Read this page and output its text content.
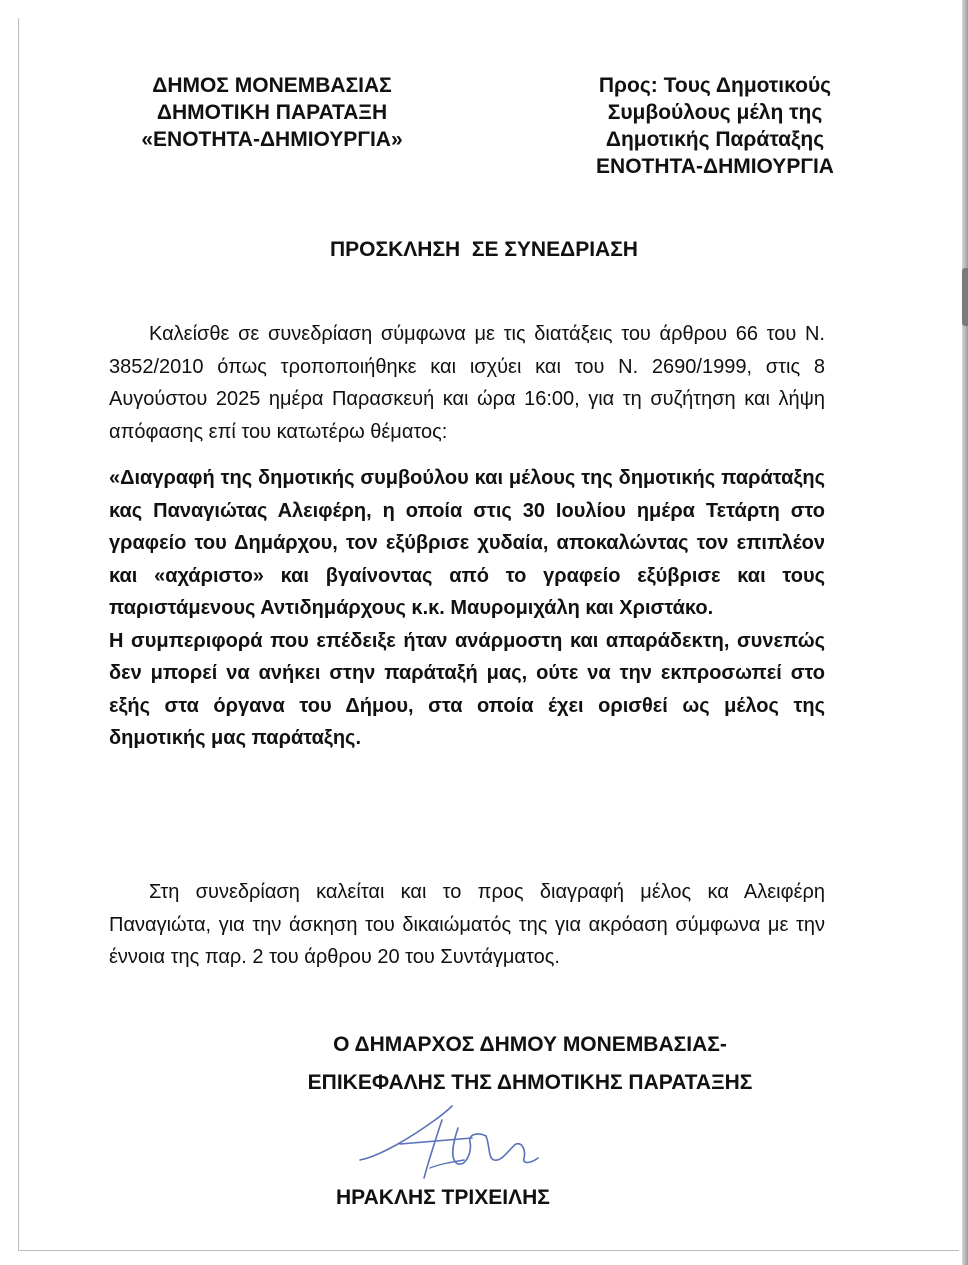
ΔΗΜΟΣ ΜΟΝΕΜΒΑΣΙΑΣ
ΔΗΜΟΤΙΚΗ ΠΑΡΑΤΑΞΗ
«ΕΝΟΤΗΤΑ-ΔΗΜΙΟΥΡΓΙΑ»
Προς: Τους Δημοτικούς
Συμβούλους μέλη της
Δημοτικής Παράταξης
ΕΝΟΤΗΤΑ-ΔΗΜΙΟΥΡΓΙΑ
ΠΡΟΣΚΛΗΣΗ  ΣΕ ΣΥΝΕΔΡΙΑΣΗ
Καλείσθε σε συνεδρίαση σύμφωνα με τις διατάξεις του άρθρου 66 του Ν. 3852/2010 όπως τροποποιήθηκε και ισχύει και του Ν. 2690/1999, στις 8 Αυγούστου 2025 ημέρα Παρασκευή και ώρα 16:00, για τη συζήτηση και λήψη απόφασης επί του κατωτέρω θέματος:

«Διαγραφή της δημοτικής συμβούλου και μέλους της δημοτικής παράταξης κας Παναγιώτας Αλειφέρη, η οποία στις 30 Ιουλίου ημέρα Τετάρτη στο γραφείο του Δημάρχου, τον εξύβρισε χυδαία, αποκαλώντας τον επιπλέον και «αχάριστο» και βγαίνοντας από το γραφείο εξύβρισε και τους παριστάμενους Αντιδημάρχους κ.κ. Μαυρομιχάλη και Χριστάκο.

Η συμπεριφορά που επέδειξε ήταν ανάρμοστη και απαράδεκτη, συνεπώς δεν μπορεί να ανήκει στην παράταξή μας, ούτε να την εκπροσωπεί στο εξής στα όργανα του Δήμου, στα οποία έχει ορισθεί ως μέλος της δημοτικής μας παράταξης.

Στη συνεδρίαση καλείται και το προς διαγραφή μέλος κα Αλειφέρη Παναγιώτα, για την άσκηση του δικαιώματός της για ακρόαση σύμφωνα με την έννοια της παρ. 2 του άρθρου 20 του Συντάγματος.
Ο ΔΗΜΑΡΧΟΣ ΔΗΜΟΥ ΜΟΝΕΜΒΑΣΙΑΣ-
ΕΠΙΚΕΦΑΛΗΣ ΤΗΣ ΔΗΜΟΤΙΚΗΣ ΠΑΡΑΤΑΞΗΣ
ΗΡΑΚΛΗΣ ΤΡΙΧΕΙΛΗΣ
